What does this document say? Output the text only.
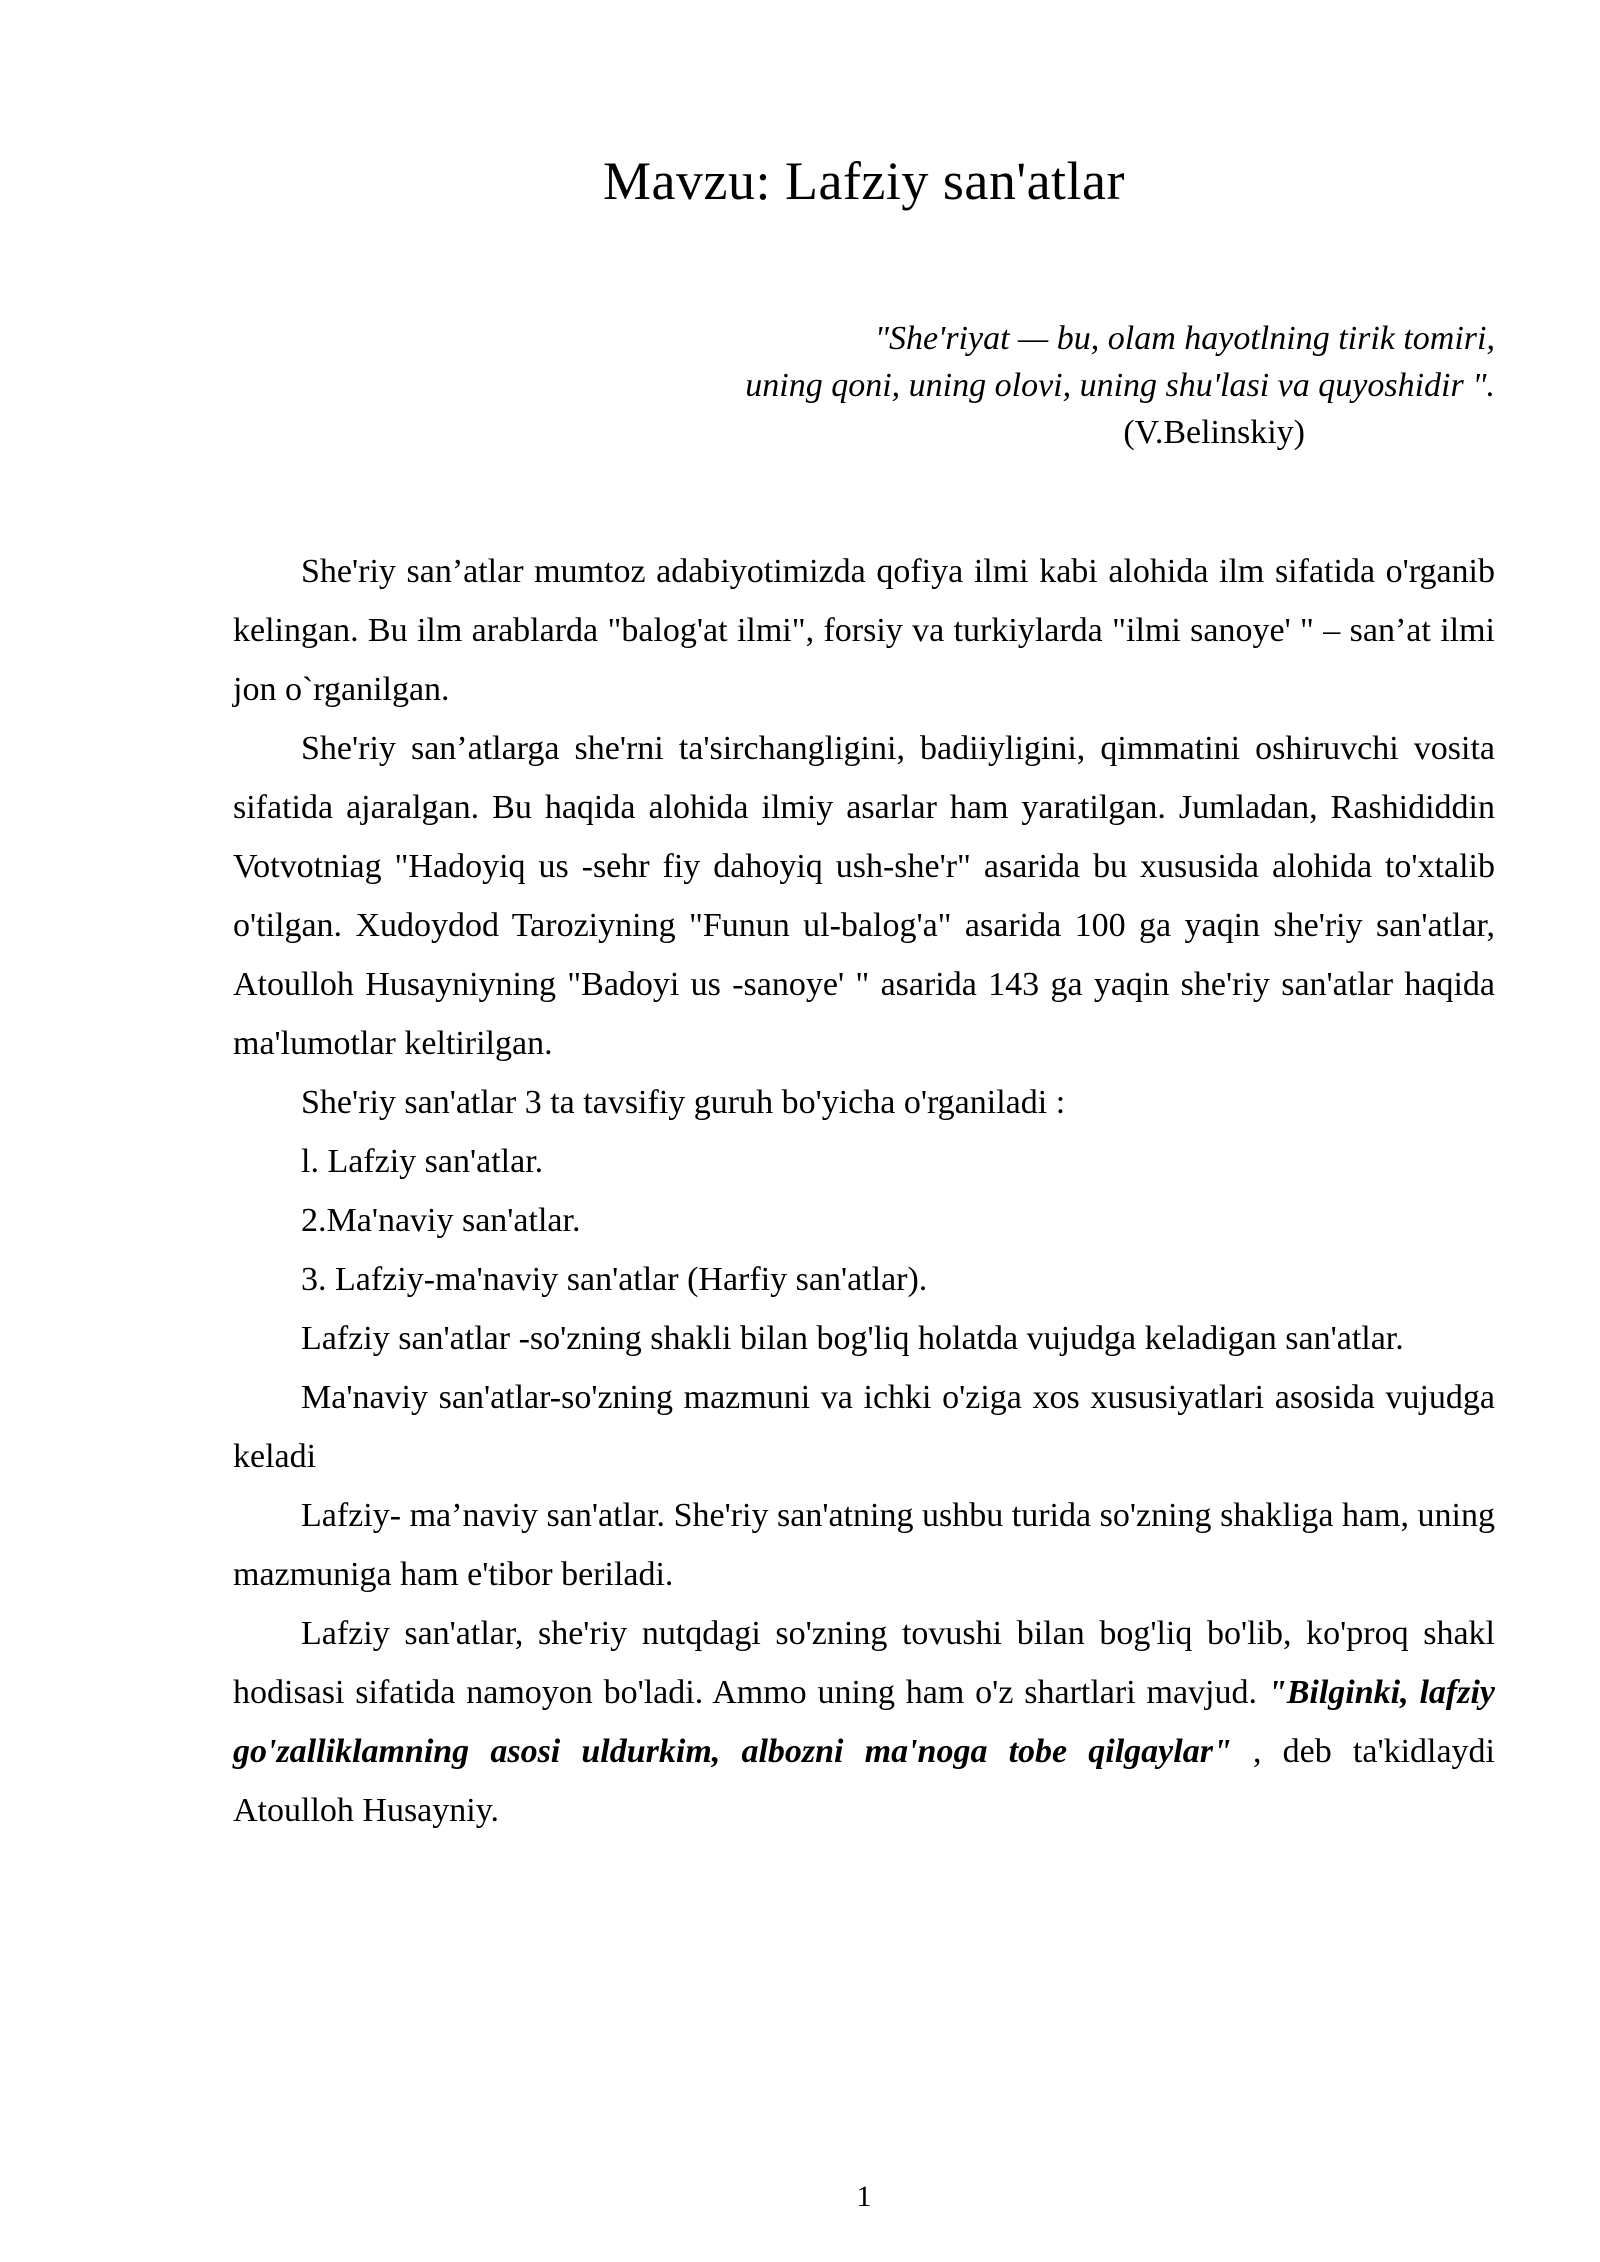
Mavzu: Lafziy san'atlar
"She'riyat — bu, olam hayotlning tirik tomiri,
uning qoni, uning olovi, uning shu'lasi va quyoshidir ".
(V.Belinskiy)

She'riy san’atlar mumtoz adabiyotimizda qofiya ilmi kabi alohida ilm sifatida o'rganib kelingan. Bu ilm arablarda "balog'at ilmi", forsiy va turkiylarda "ilmi sanoye' " – san’at ilmi jon o`rganilgan.

She'riy san’atlarga she'rni ta'sirchangligini, badiiyligini, qimmatini oshiruvchi vosita sifatida ajaralgan. Bu haqida alohida ilmiy asarlar ham yaratilgan. Jumladan, Rashididdin Votvotniag "Hadoyiq us -sehr fiy dahoyiq ush-she'r" asarida bu xususida alohida to'xtalib o'tilgan. Xudoydod Taroziyning "Funun ul-balog'a" asarida 100 ga yaqin she'riy san'atlar, Atoulloh Husayniyning "Badoyi us -sanoye' " asarida 143 ga yaqin she'riy san'atlar haqida ma'lumotlar keltirilgan.

She'riy san'atlar 3 ta tavsifiy guruh bo'yicha o'rganiladi :

l. Lafziy san'atlar.

2.Ma'naviy san'atlar.

3. Lafziy-ma'naviy san'atlar (Harfiy san'atlar).

Lafziy san'atlar -so'zning shakli bilan bog'liq holatda vujudga keladigan san'atlar.

Ma'naviy san'atlar-so'zning mazmuni va ichki o'ziga xos xususiyatlari asosida vujudga keladi

Lafziy- ma’naviy san'atlar. She'riy san'atning ushbu turida so'zning shakliga ham, uning mazmuniga ham e'tibor beriladi.

Lafziy san'atlar, she'riy nutqdagi so'zning tovushi bilan bog'liq bo'lib, ko'proq shakl hodisasi sifatida namoyon bo'ladi. Ammo uning ham o'z shartlari mavjud. "Bilginki, lafziy go'zalliklamning asosi uldurkim, albozni ma'noga tobe qilgaylar" , deb ta'kidlaydi Atoulloh Husayniy.

1
